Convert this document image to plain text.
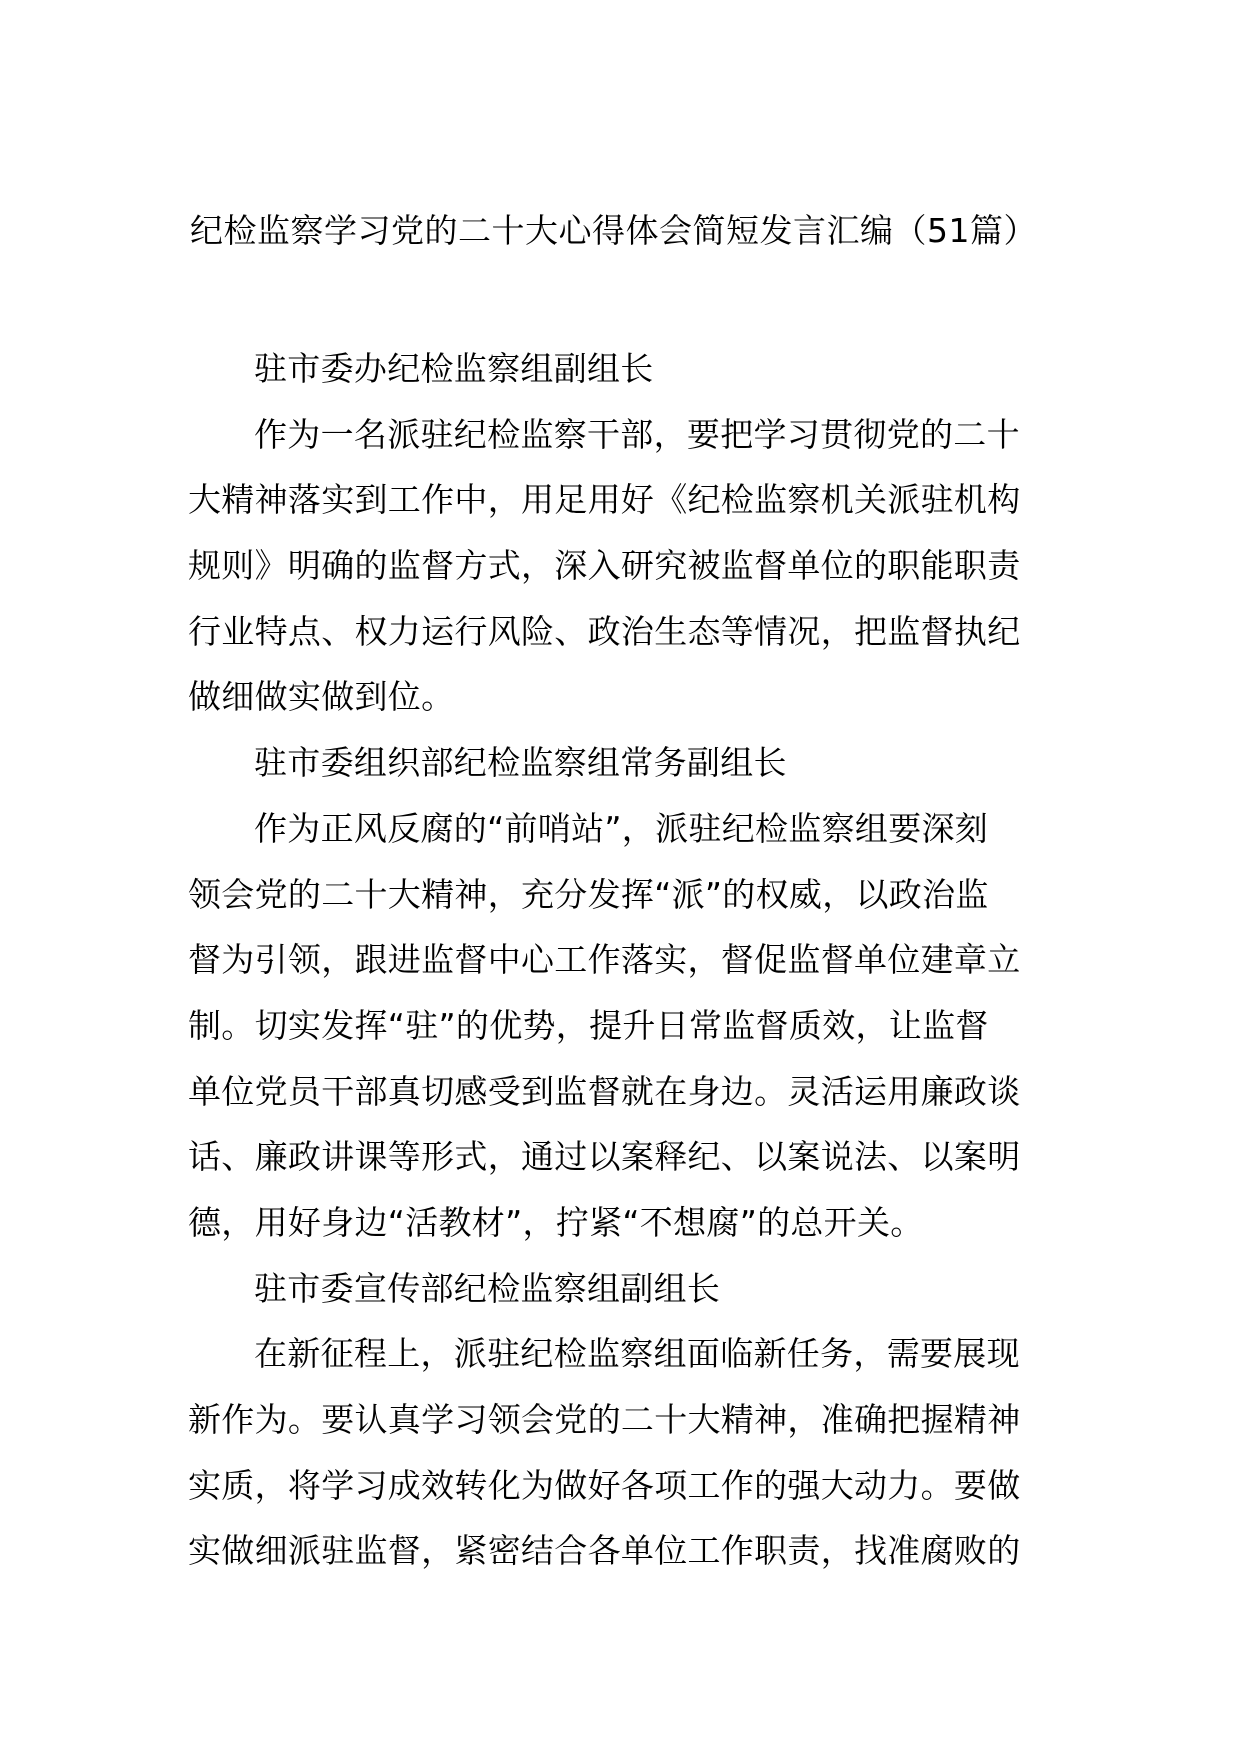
纪检监察学习党的二十大心得体会简短发言汇编（51篇）
驻市委办纪检监察组副组长
作为一名派驻纪检监察干部，要把学习贯彻党的二十
大精神落实到工作中，用足用好《纪检监察机关派驻机构
规则》明确的监督方式，深入研究被监督单位的职能职责
行业特点、权力运行风险、政治生态等情况，把监督执纪
做细做实做到位。
驻市委组织部纪检监察组常务副组长
作为正风反腐的“前哨站”，派驻纪检监察组要深刻
领会党的二十大精神，充分发挥“派”的权威，以政治监
督为引领，跟进监督中心工作落实，督促监督单位建章立
制。切实发挥“驻”的优势，提升日常监督质效，让监督
单位党员干部真切感受到监督就在身边。灵活运用廉政谈
话、廉政讲课等形式，通过以案释纪、以案说法、以案明
德，用好身边“活教材”，拧紧“不想腐”的总开关。
驻市委宣传部纪检监察组副组长
在新征程上，派驻纪检监察组面临新任务，需要展现
新作为。要认真学习领会党的二十大精神，准确把握精神
实质，将学习成效转化为做好各项工作的强大动力。要做
实做细派驻监督，紧密结合各单位工作职责，找准腐败的
